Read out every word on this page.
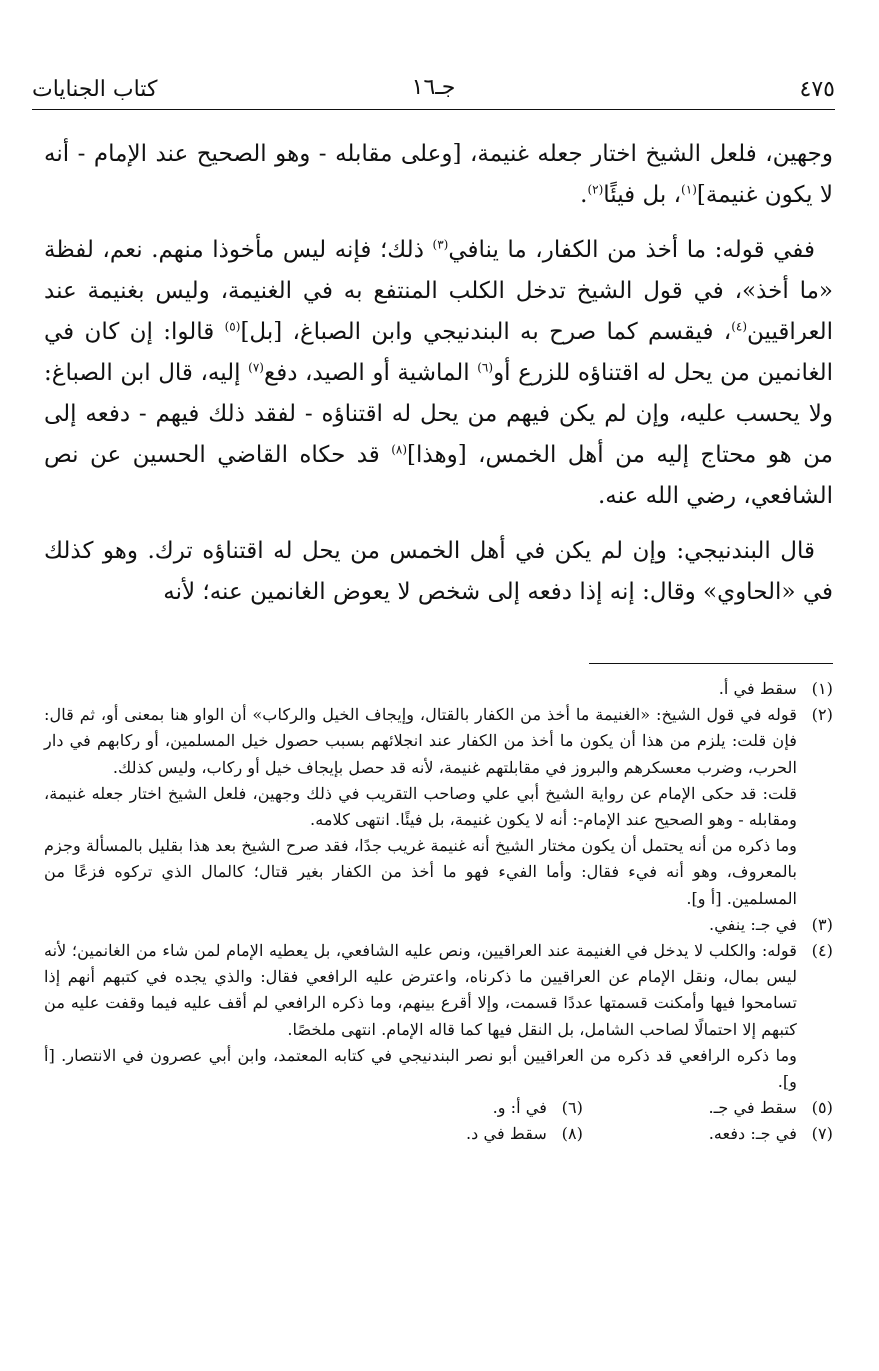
٤٧٥
جـ١٦
كتاب الجنايات

وجهين، فلعل الشيخ اختار جعله غنيمة، [وعلى مقابله - وهو الصحيح عند الإمام - أنه لا يكون غنيمة]$^{(١)}$، بل فيئًا$^{(٢)}$.

ففي قوله: ما أخذ من الكفار، ما ينافي$^{(٣)}$ ذلك؛ فإنه ليس مأخوذا منهم. نعم، لفظة «ما أخذ»، في قول الشيخ تدخل الكلب المنتفع به في الغنيمة، وليس بغنيمة عند العراقيين$^{(٤)}$، فيقسم كما صرح به البندنيجي وابن الصباغ، [بل]$^{(٥)}$ قالوا: إن كان في الغانمين من يحل له اقتناؤه للزرع أو$^{(٦)}$ الماشية أو الصيد، دفع$^{(٧)}$ إليه، قال ابن الصباغ: ولا يحسب عليه، وإن لم يكن فيهم من يحل له اقتناؤه - لفقد ذلك فيهم - دفعه إلى من هو محتاج إليه من أهل الخمس، [وهذا]$^{(٨)}$ قد حكاه القاضي الحسين عن نص الشافعي، رضي الله عنه.

قال البندنيجي: وإن لم يكن في أهل الخمس من يحل له اقتناؤه ترك. وهو كذلك في «الحاوي» وقال: إنه إذا دفعه إلى شخص لا يعوض الغانمين عنه؛ لأنه

(١)
سقط في أ.
(٢)

قوله في قول الشيخ: «الغنيمة ما أخذ من الكفار بالقتال، وإيجاف الخيل والركاب» أن الواو هنا بمعنى أو، ثم قال: فإن قلت: يلزم من هذا أن يكون ما أخذ من الكفار عند انجلائهم بسبب حصول خيل المسلمين، أو ركابهم في دار الحرب، وضرب معسكرهم والبروز في مقابلتهم غنيمة، لأنه قد حصل بإيجاف خيل أو ركاب، وليس كذلك.

قلت: قد حكى الإمام عن رواية الشيخ أبي علي وصاحب التقريب في ذلك وجهين، فلعل الشيخ اختار جعله غنيمة، ومقابله - وهو الصحيح عند الإمام-: أنه لا يكون غنيمة، بل فيئًا. انتهى كلامه.

وما ذكره من أنه يحتمل أن يكون مختار الشيخ أنه غنيمة غريب جدًا، فقد صرح الشيخ بعد هذا بقليل بالمسألة وجزم بالمعروف، وهو أنه فيء فقال: وأما الفيء فهو ما أخذ من الكفار بغير قتال؛ كالمال الذي تركوه فزعًا من المسلمين. [أ و].

(٣)
في جـ: ينفي.
(٤)

قوله: والكلب لا يدخل في الغنيمة عند العراقيين، ونص عليه الشافعي، بل يعطيه الإمام لمن شاء من الغانمين؛ لأنه ليس بمال، ونقل الإمام عن العراقيين ما ذكرناه، واعترض عليه الرافعي فقال: والذي يجده في كتبهم أنهم إذا تسامحوا فيها وأمكنت قسمتها عددًا قسمت، وإلا أقرع بينهم، وما ذكره الرافعي لم أقف عليه فيما وقفت عليه من كتبهم إلا احتمالًا لصاحب الشامل، بل النقل فيها كما قاله الإمام. انتهى ملخصًا.

وما ذكره الرافعي قد ذكره من العراقيين أبو نصر البندنيجي في كتابه المعتمد، وابن أبي عصرون في الانتصار. [أ و].

(٥)
سقط في جـ.
(٦)
في أ: و.
(٧)
في جـ: دفعه.
(٨)
سقط في د.
